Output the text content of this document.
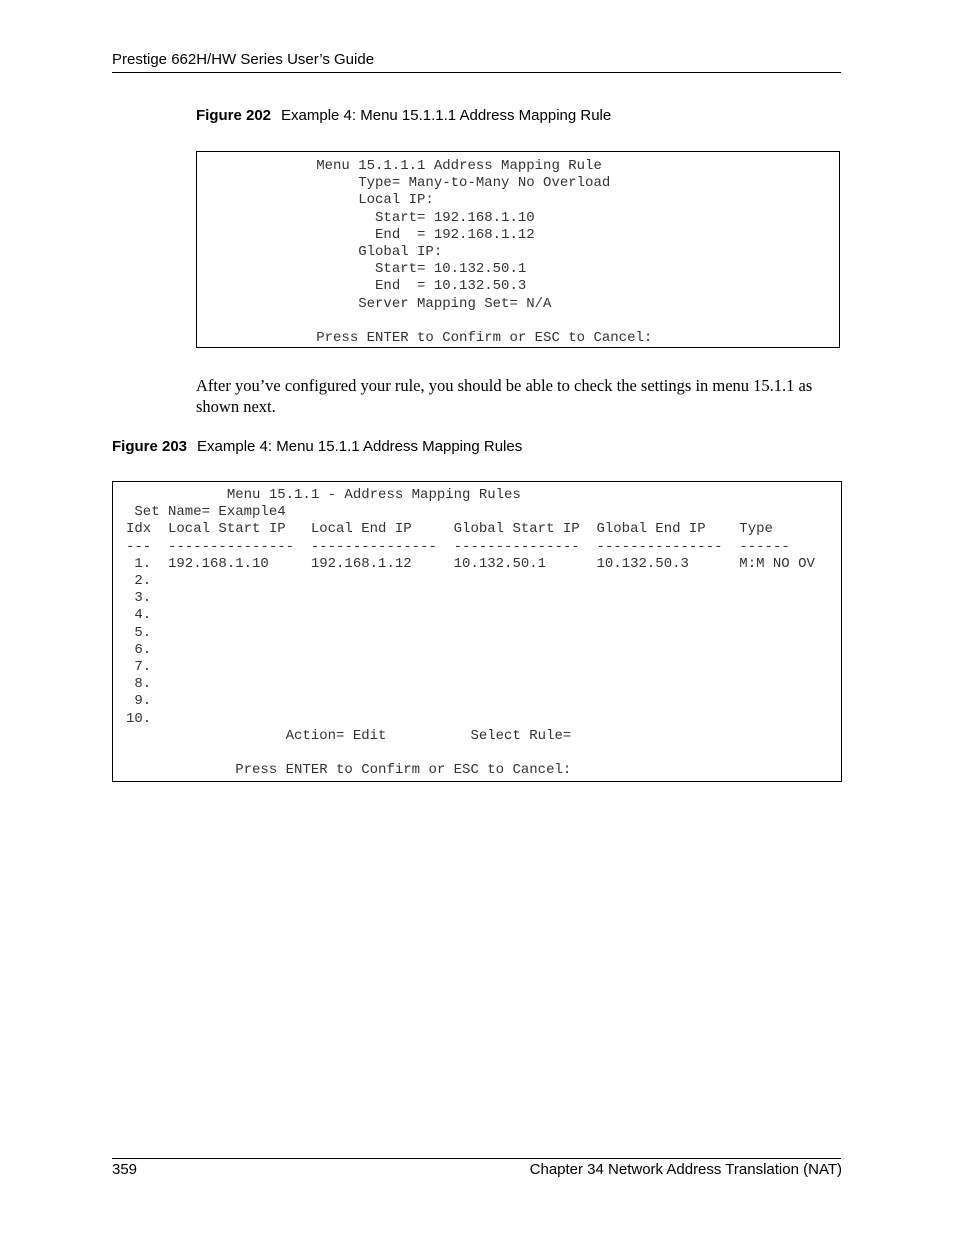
Prestige 662H/HW Series User’s Guide
Figure 202 Example 4: Menu 15.1.1.1 Address Mapping Rule
Menu 15.1.1.1 Address Mapping Rule
Type= Many-to-Many No Overload
Local IP:
Start= 192.168.1.10
End  = 192.168.1.12
Global IP:
Start= 10.132.50.1
End  = 10.132.50.3
Server Mapping Set= N/A

Press ENTER to Confirm or ESC to Cancel:

After you’ve configured your rule, you should be able to check the settings in menu 15.1.1 as shown next.

Figure 203 Example 4: Menu 15.1.1 Address Mapping Rules
Menu 15.1.1 - Address Mapping Rules
Set Name= Example4
Idx  Local Start IP   Local End IP     Global Start IP  Global End IP    Type
---  ---------------  ---------------  ---------------  ---------------  ------
1.  192.168.1.10     192.168.1.12     10.132.50.1      10.132.50.3      M:M NO OV
2.
3.
4.
5.
6.
7.
8.
9.
10.
Action= Edit          Select Rule=

Press ENTER to Confirm or ESC to Cancel:
359	Chapter 34 Network Address Translation (NAT)
